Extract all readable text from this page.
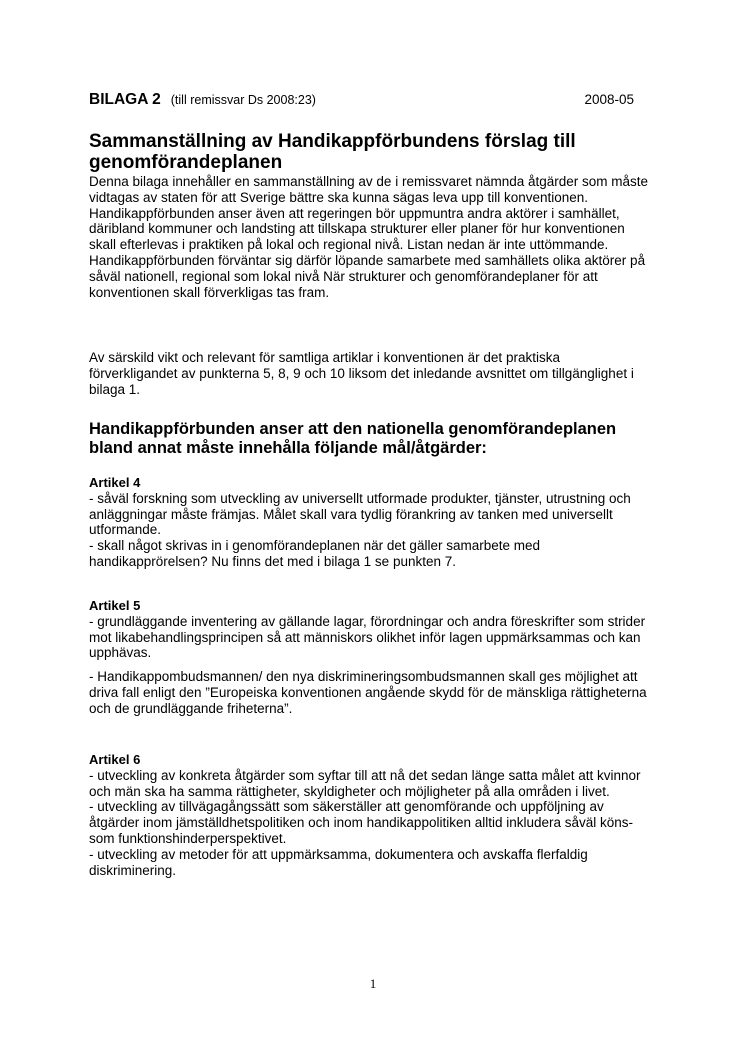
BILAGA 2 (till remissvar Ds 2008:23)	2008-05
Sammanställning av Handikappförbundens förslag till genomförandeplanen

Denna bilaga innehåller en sammanställning av de i remissvaret nämnda åtgärder som måste vidtagas av staten för att Sverige bättre ska kunna sägas leva upp till konventionen. Handikappförbunden anser även att regeringen bör uppmuntra andra aktörer i samhället, däribland kommuner och landsting att tillskapa strukturer eller planer för hur konventionen skall efterlevas i praktiken på lokal och regional nivå. Listan nedan är inte uttömmande. Handikappförbunden förväntar sig därför löpande samarbete med samhällets olika aktörer på såväl nationell, regional som lokal nivå När strukturer och genomförandeplaner för att konventionen skall förverkligas tas fram.

Av särskild vikt och relevant för samtliga artiklar i konventionen är det praktiska förverkligandet av punkterna 5, 8, 9 och 10 liksom det inledande avsnittet om tillgänglighet i bilaga 1.

Handikappförbunden anser att den nationella genomförandeplanen bland annat måste innehålla följande mål/åtgärder:
Artikel 4

- såväl forskning som utveckling av universellt utformade produkter, tjänster, utrustning och anläggningar måste främjas. Målet skall vara tydlig förankring av tanken med universellt utformande.

- skall något skrivas in i genomförandeplanen när det gäller samarbete med handikapprörelsen? Nu finns det med i bilaga 1 se punkten 7.

Artikel 5

- grundläggande inventering av gällande lagar, förordningar och andra föreskrifter som strider mot likabehandlingsprincipen så att människors olikhet inför lagen uppmärksammas och kan upphävas.

- Handikappombudsmannen/ den nya diskrimineringsombudsmannen skall ges möjlighet att driva fall enligt den ”Europeiska konventionen angående skydd för de mänskliga rättigheterna och de grundläggande friheterna”.

Artikel 6

- utveckling av konkreta åtgärder som syftar till att nå det sedan länge satta målet att kvinnor och män ska ha samma rättigheter, skyldigheter och möjligheter på alla områden i livet.

- utveckling av tillvägagångssätt som säkerställer att genomförande och uppföljning av åtgärder inom jämställdhetspolitiken och inom handikappolitiken alltid inkludera såväl köns- som funktionshinderperspektivet.

- utveckling av metoder för att uppmärksamma, dokumentera och avskaffa flerfaldig diskriminering.

1
